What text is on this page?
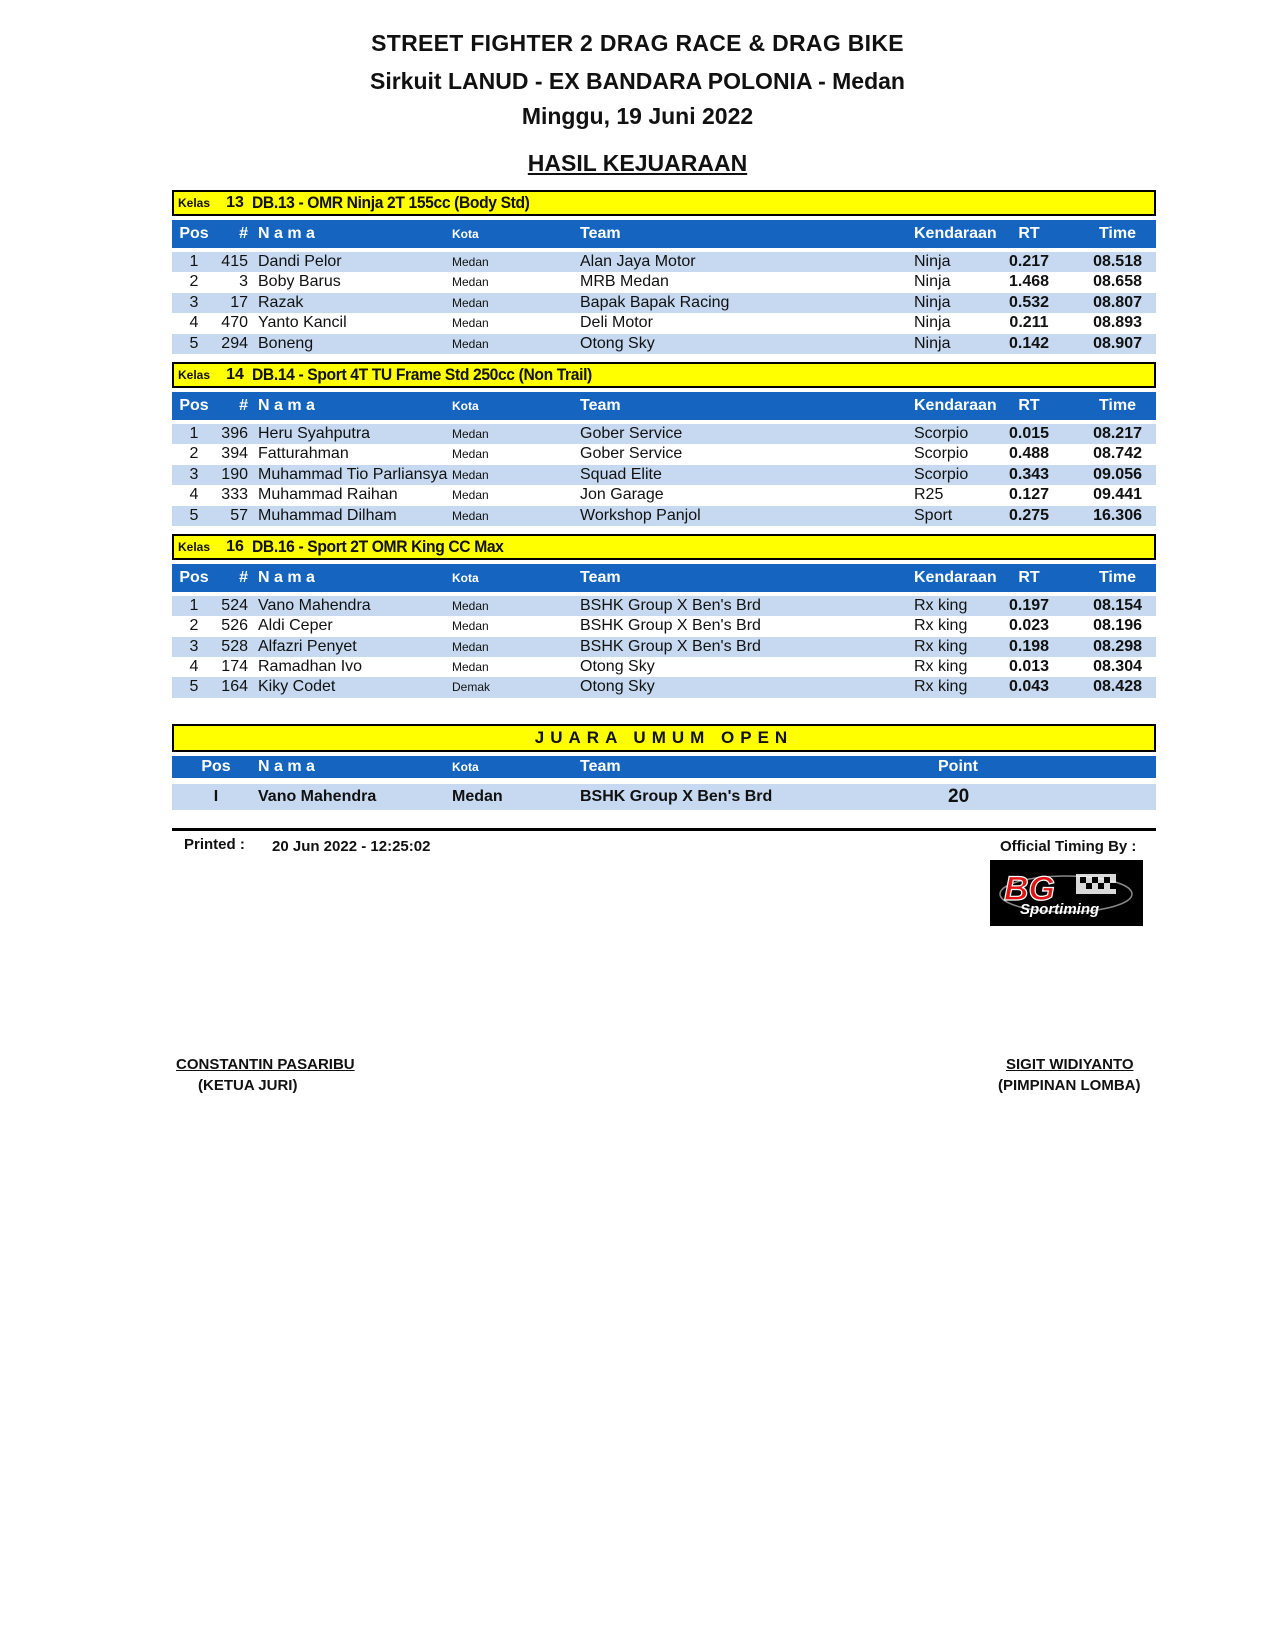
STREET FIGHTER 2 DRAG RACE & DRAG BIKE
Sirkuit LANUD - EX BANDARA POLONIA - Medan
Minggu, 19 Juni 2022
HASIL KEJUARAAN
Kelas	13 DB.13 - OMR Ninja 2T 155cc (Body Std)
Pos	# N a m a	Kota	Team	Kendaraan	RT	Time
1	415 Dandi Pelor	Medan	Alan Jaya Motor	Ninja	0.217	08.518
2	3 Boby Barus	Medan	MRB Medan	Ninja	1.468	08.658
3	17 Razak	Medan	Bapak Bapak Racing	Ninja	0.532	08.807
4	470 Yanto Kancil	Medan	Deli Motor	Ninja	0.211	08.893
5	294 Boneng	Medan	Otong Sky	Ninja	0.142	08.907
Kelas	14 DB.14 - Sport 4T TU Frame Std 250cc (Non Trail)
Pos	# N a m a	Kota	Team	Kendaraan	RT	Time
1	396 Heru Syahputra	Medan	Gober Service	Scorpio	0.015	08.217
2	394 Fatturahman	Medan	Gober Service	Scorpio	0.488	08.742
3	190 Muhammad Tio Parliansya Medan	Squad Elite	Scorpio	0.343	09.056
4	333 Muhammad Raihan	Medan	Jon Garage	R25	0.127	09.441
5	57 Muhammad Dilham	Medan	Workshop Panjol	Sport	0.275	16.306
Kelas	16 DB.16 - Sport 2T OMR King CC Max
Pos	# N a m a	Kota	Team	Kendaraan	RT	Time
1	524 Vano Mahendra	Medan	BSHK Group X Ben's Brd	Rx king	0.197	08.154
2	526 Aldi Ceper	Medan	BSHK Group X Ben's Brd	Rx king	0.023	08.196
3	528 Alfazri Penyet	Medan	BSHK Group X Ben's Brd	Rx king	0.198	08.298
4	174 Ramadhan Ivo	Medan	Otong Sky	Rx king	0.013	08.304
5	164 Kiky Codet	Demak	Otong Sky	Rx king	0.043	08.428
JUARA UMUM OPEN
Pos	N a m a	Kota	Team	Point
I	Vano Mahendra	Medan	BSHK Group X Ben's Brd	20
Printed : 20 Jun 2022 - 12:25:02	Official Timing By :
BG
Sportiming
CONSTANTIN PASARIBU
(KETUA JURI)
SIGIT WIDIYANTO
(PIMPINAN LOMBA)
